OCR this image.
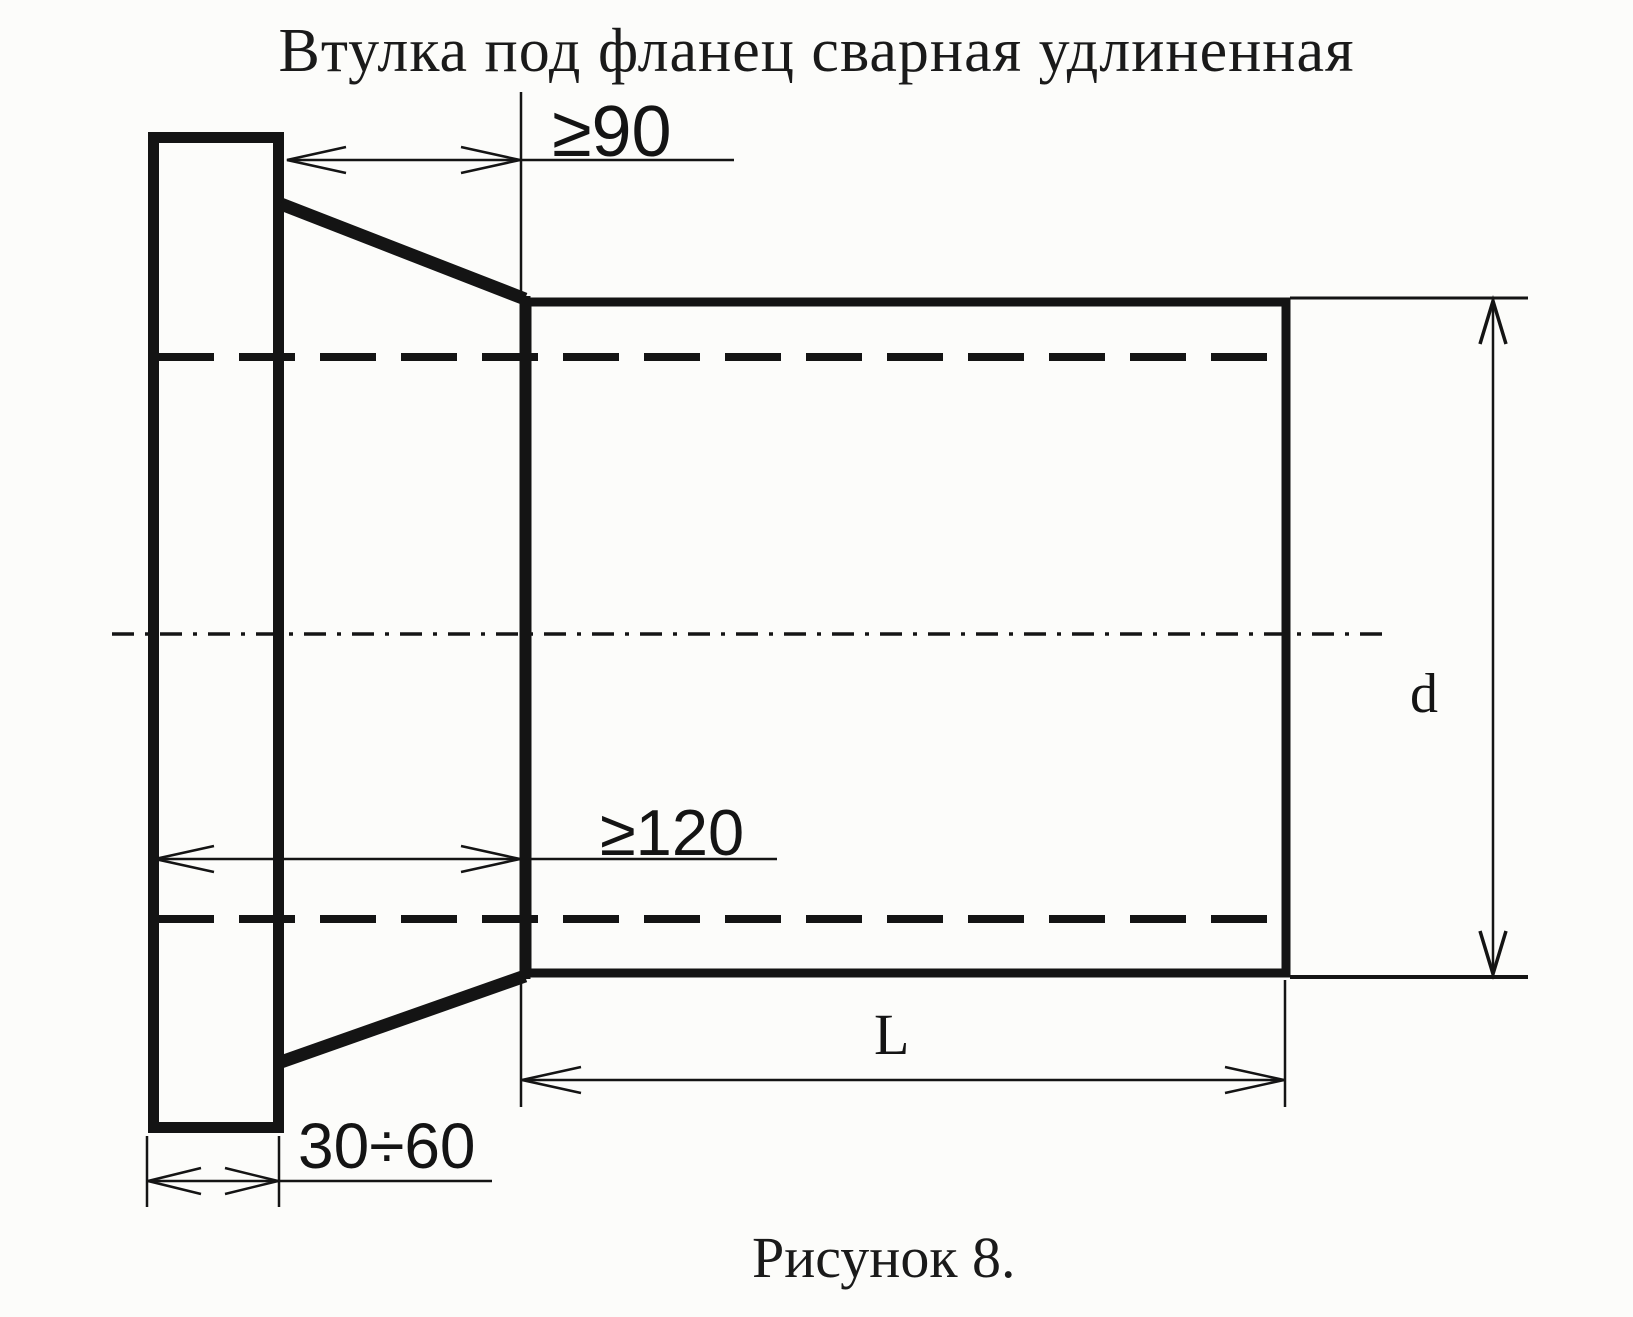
Втулка под фланец сварная удлиненная
≥90
≥120
30÷60
L
d
Рисунок 8.
